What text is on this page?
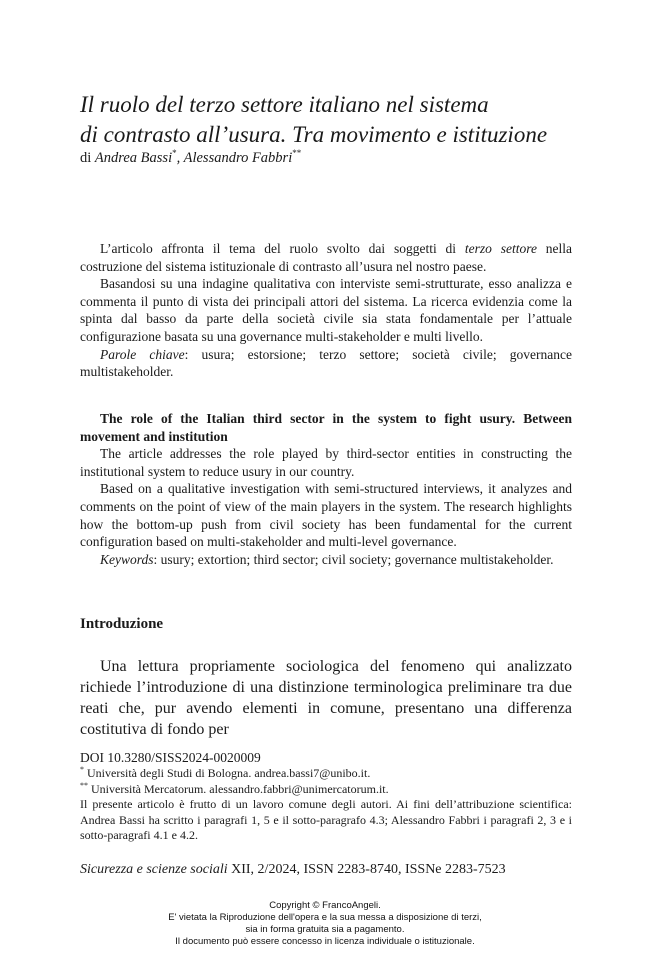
Il ruolo del terzo settore italiano nel sistema
di contrasto all’usura. Tra movimento e istituzione
di Andrea Bassi*, Alessandro Fabbri**

L’articolo affronta il tema del ruolo svolto dai soggetti di terzo settore nella costruzione del sistema istituzionale di contrasto all’usura nel nostro paese.

Basandosi su una indagine qualitativa con interviste semi-strutturate, esso analizza e commenta il punto di vista dei principali attori del sistema. La ricerca evidenzia come la spinta dal basso da parte della società civile sia stata fondamentale per l’attuale configurazione basata su una governance multi-stakeholder e multi livello.

Parole chiave: usura; estorsione; terzo settore; società civile; governance multistakeholder.

The role of the Italian third sector in the system to fight usury. Between movement and institution

The article addresses the role played by third-sector entities in constructing the institutional system to reduce usury in our country.

Based on a qualitative investigation with semi-structured interviews, it analyzes and comments on the point of view of the main players in the system. The research highlights how the bottom-up push from civil society has been fundamental for the current configuration based on multi-stakeholder and multi-level governance.

Keywords: usury; extortion; third sector; civil society; governance multistakeholder.

Introduzione

Una lettura propriamente sociologica del fenomeno qui analizzato richiede l’introduzione di una distinzione terminologica preliminare tra due reati che, pur avendo elementi in comune, presentano una differenza costitutiva di fondo per

DOI 10.3280/SISS2024-0020009

* Università degli Studi di Bologna. andrea.bassi7@unibo.it.

** Università Mercatorum. alessandro.fabbri@unimercatorum.it.

Il presente articolo è frutto di un lavoro comune degli autori. Ai fini dell’attribuzione scientifica: Andrea Bassi ha scritto i paragrafi 1, 5 e il sotto-paragrafo 4.3; Alessandro Fabbri i paragrafi 2, 3 e i sotto-paragrafi 4.1 e 4.2.

Sicurezza e scienze sociali XII, 2/2024, ISSN 2283-8740, ISSNe 2283-7523
Copyright © FrancoAngeli.
E' vietata la Riproduzione dell'opera e la sua messa a disposizione di terzi,
sia in forma gratuita sia a pagamento.
Il documento può essere concesso in licenza individuale o istituzionale.
